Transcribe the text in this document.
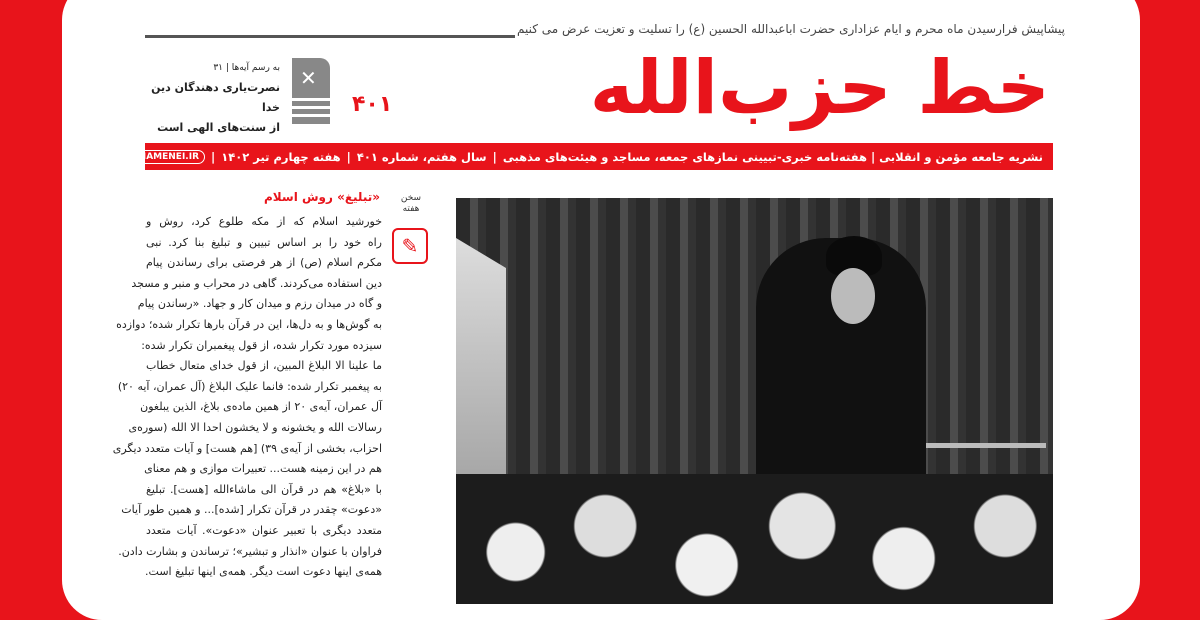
پیشاپیش فرارسیدن ماه محرم و ایام عزاداری حضرت اباعبدالله الحسین (ع) را تسلیت و تعزیت عرض می کنیم
خط حزب‌الله
۴۰۱
به رسم آیه‌ها | ۳۱
نصرت‌یاری دهندگان دین خدا
از سنت‌های الهی است
✕
نشریه جامعه مؤمن و انقلابی | هفته‌نامه خبری-تبیینی نمازهای جمعه، مساجد و هیئت‌های مذهبی
|
سال هفتم، شماره ۴۰۱
|
هفته چهارم تیر ۱۴۰۲
|
KHAMENEI.IR
سخن هفته
✎
«تبلیغ» روش اسلام
خورشید اسلام که از مکه طلوع کرد، روش و
راه خود را بر اساس تبیین و تبلیغ بنا کرد. نبی
مکرم اسلام (ص) از هر فرصتی برای رساندن پیام
دین استفاده می‌کردند. گاهی در محراب و منبر و مسجد
و گاه در میدان رزم و میدان کار و جهاد. «رساندن پیام
به گوش‌ها و به دل‌ها، این در قرآن بارها تکرار شده؛ دوازده
سیزده مورد تکرار شده، از قول پیغمبران تکرار شده:
ما علینا الا البلاغ المبین، از قول خدای متعال خطاب
به پیغمبر تکرار شده: فانما علیک البلاغ (آل عمران، آیه ۲۰)
آل عمران، آیه‌ی ۲۰ از همین ماده‌ی بلاغ، الذین یبلغون
رسالات الله و یخشونه و لا یخشون احدا الا الله (سوره‌ی
احزاب، بخشی از آیه‌ی ۳۹) [هم هست] و آیات متعدد دیگری
هم در این زمینه هست... تعبیرات موازی و هم معنای
با «بلاغ» هم در قرآن الی ماشاءالله [هست]. تبلیغ
«دعوت» چقدر در قرآن تکرار [شده]... و همین طور آیات
متعدد دیگری با تعبیر عنوان «دعوت». آیات متعدد
فراوان با عنوان «انذار و تبشیر»؛ ترساندن و بشارت دادن.
همه‌ی اینها دعوت است دیگر. همه‌ی اینها تبلیغ است.
